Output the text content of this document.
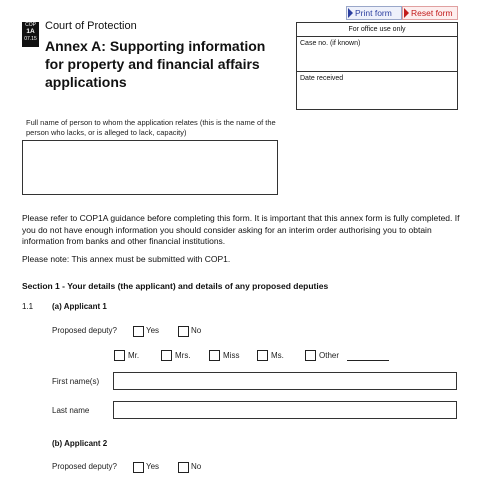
Print form	Reset form
COP
1A
07.15
Court of Protection
Annex A: Supporting information for property and financial affairs applications
For office use only
Case no. (if known)
Date received
Full name of person to whom the application relates (this is the name of the person who lacks, or is alleged to lack, capacity)
Please refer to COP1A guidance before completing this form. It is important that this annex form is fully completed. If you do not have enough information you should consider asking for an interim order authorising you to obtain information from banks and other financial institutions.
Please note: This annex must be submitted with COP1.
Section 1 - Your details (the applicant) and details of any proposed deputies
1.1 (a) Applicant 1
Proposed deputy?	Yes	No
Mr.	Mrs.	Miss	Ms.	Other
First name(s)
Last name
(b) Applicant 2
Proposed deputy?	Yes	No
